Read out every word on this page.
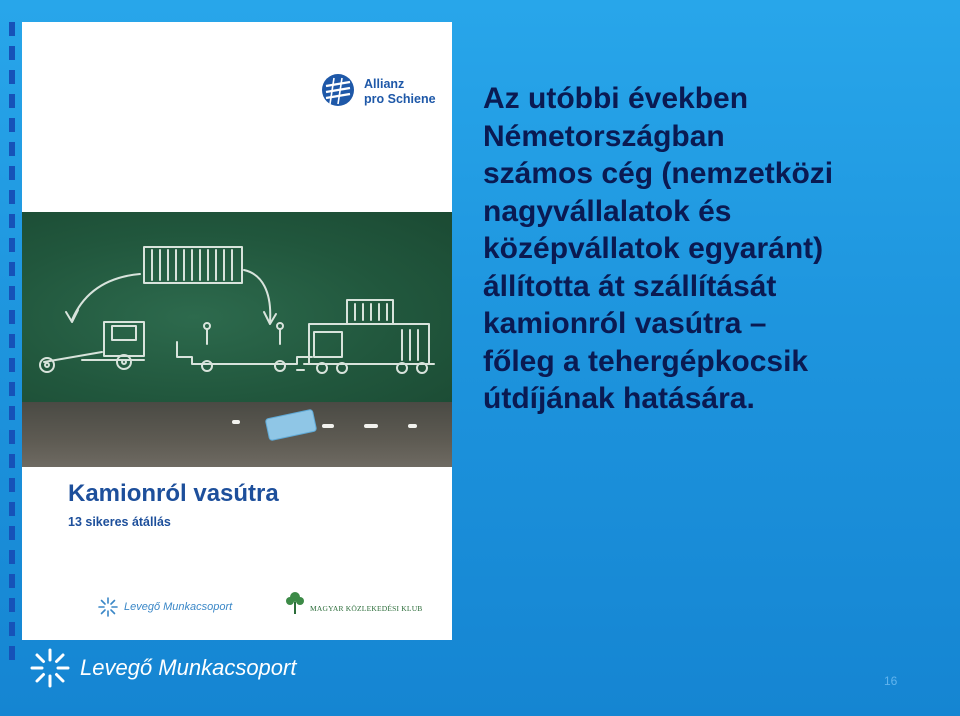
Allianz
pro Schiene
Kamionról vasútra
13 sikeres átállás
Levegő Munkacsoport	MAGYAR KÖZLEKEDÉSI KLUB

Az utóbbi években
Németországban
számos cég (nemzetközi
nagyvállalatok és
középvállatok egyaránt)
állította át szállítását
kamionról vasútra –
főleg a tehergépkocsik
útdíjának hatására.

Levegő Munkacsoport
16
